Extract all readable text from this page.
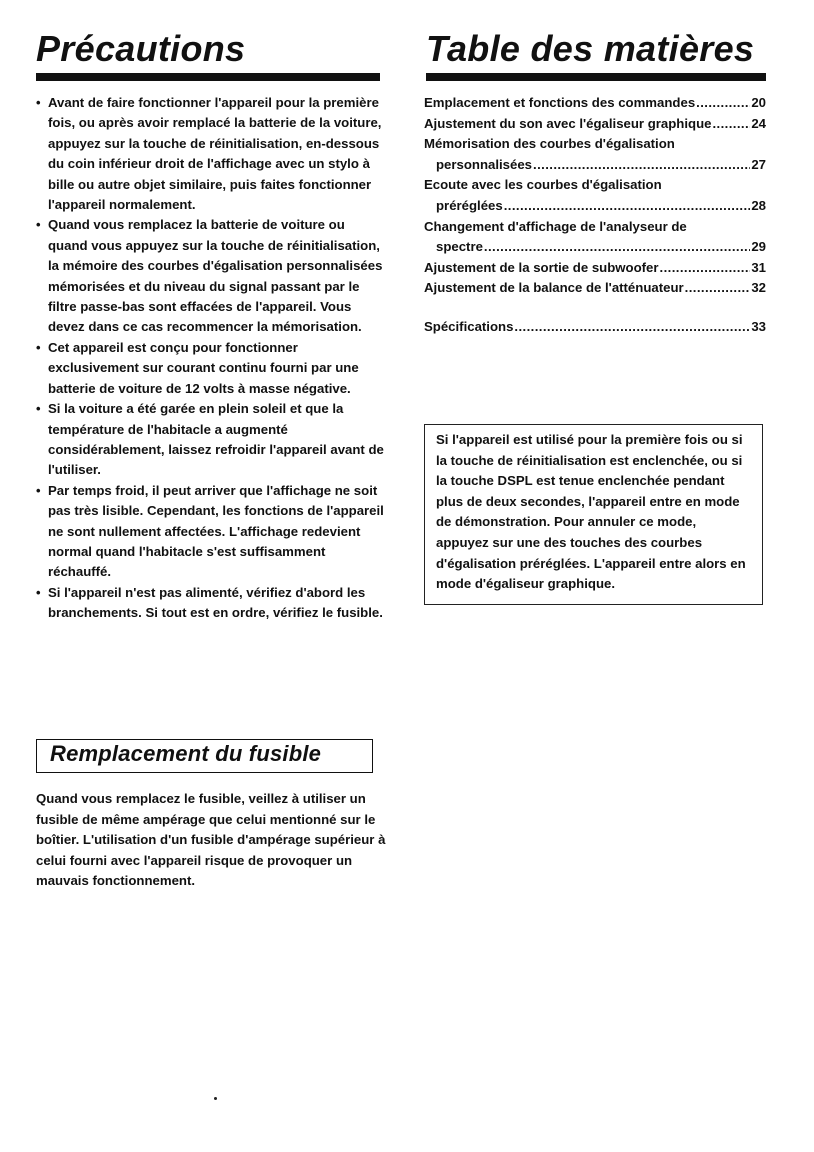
Précautions
• Avant de faire fonctionner l'appareil pour la première fois, ou après avoir remplacé la batterie de la voiture, appuyez sur la touche de réinitialisation, en-dessous du coin inférieur droit de l'affichage avec un stylo à bille ou autre objet similaire, puis faites fonctionner l'appareil normalement.
• Quand vous remplacez la batterie de voiture ou quand vous appuyez sur la touche de réinitialisation, la mémoire des courbes d'égalisation personnalisées mémorisées et du niveau du signal passant par le filtre passe-bas sont effacées de l'appareil. Vous devez dans ce cas recommencer la mémorisation.
• Cet appareil est conçu pour fonctionner exclusivement sur courant continu fourni par une batterie de voiture de 12 volts à masse négative.
• Si la voiture a été garée en plein soleil et que la température de l'habitacle a augmenté considérablement, laissez refroidir l'appareil avant de l'utiliser.
• Par temps froid, il peut arriver que l'affichage ne soit pas très lisible. Cependant, les fonctions de l'appareil ne sont nullement affectées. L'affichage redevient normal quand l'habitacle s'est suffisamment réchauffé.
• Si l'appareil n'est pas alimenté, vérifiez d'abord les branchements. Si tout est en ordre, vérifiez le fusible.
Table des matières
Emplacement et fonctions des commandes .....	20
Ajustement du son avec l'égaliseur graphique .....	24
Mémorisation des courbes d'égalisation
personnalisées .....	27
Ecoute avec les courbes d'égalisation
préréglées .....	28
Changement d'affichage de l'analyseur de
spectre .....	29
Ajustement de la sortie de subwoofer .....	31
Ajustement de la balance de l'atténuateur .....	32
Spécifications .....	33
Si l'appareil est utilisé pour la première fois ou si la touche de réinitialisation est enclenchée, ou si la touche DSPL est tenue enclenchée pendant plus de deux secondes, l'appareil entre en mode de démonstration. Pour annuler ce mode, appuyez sur une des touches des courbes d'égalisation préréglées. L'appareil entre alors en mode d'égaliseur graphique.
Remplacement du fusible

Quand vous remplacez le fusible, veillez à utiliser un fusible de même ampérage que celui mentionné sur le boîtier. L'utilisation d'un fusible d'ampérage supérieur à celui fourni avec l'appareil risque de provoquer un mauvais fonctionnement.
